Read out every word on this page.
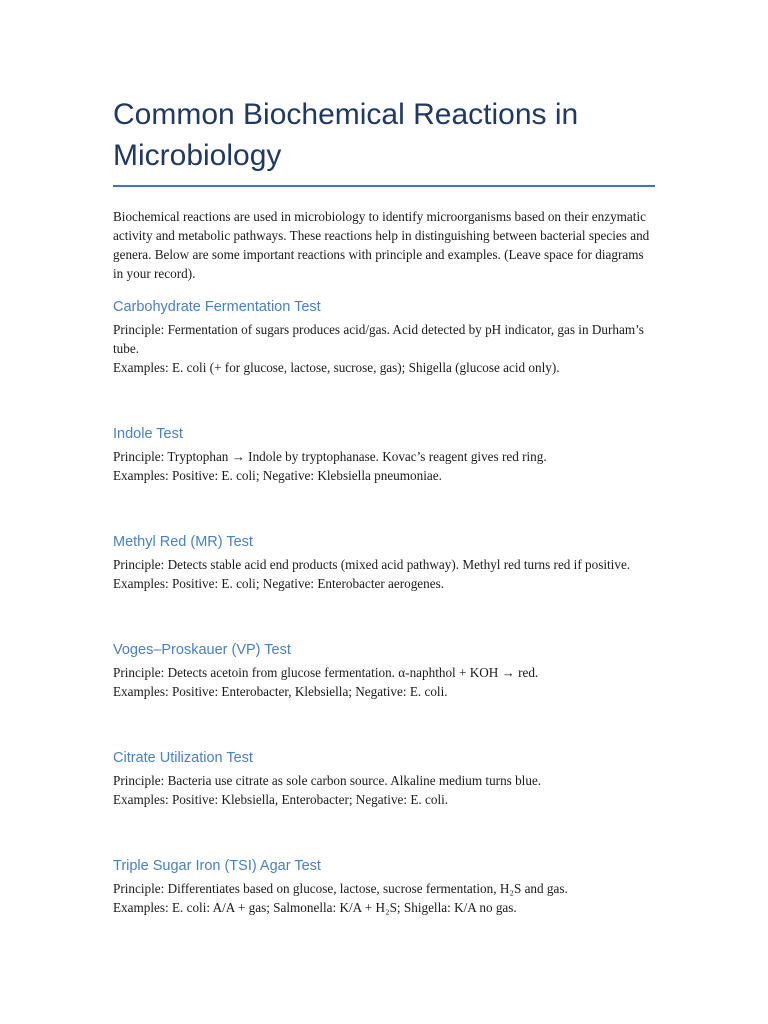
Common Biochemical Reactions in Microbiology

Biochemical reactions are used in microbiology to identify microorganisms based on their enzymatic activity and metabolic pathways. These reactions help in distinguishing between bacterial species and genera. Below are some important reactions with principle and examples. (Leave space for diagrams in your record).

Carbohydrate Fermentation Test

Principle: Fermentation of sugars produces acid/gas. Acid detected by pH indicator, gas in Durham’s tube.

Examples: E. coli (+ for glucose, lactose, sucrose, gas); Shigella (glucose acid only).

Indole Test

Principle: Tryptophan → Indole by tryptophanase. Kovac’s reagent gives red ring.

Examples: Positive: E. coli; Negative: Klebsiella pneumoniae.

Methyl Red (MR) Test

Principle: Detects stable acid end products (mixed acid pathway). Methyl red turns red if positive.

Examples: Positive: E. coli; Negative: Enterobacter aerogenes.

Voges–Proskauer (VP) Test

Principle: Detects acetoin from glucose fermentation. α-naphthol + KOH → red.

Examples: Positive: Enterobacter, Klebsiella; Negative: E. coli.

Citrate Utilization Test

Principle: Bacteria use citrate as sole carbon source. Alkaline medium turns blue.

Examples: Positive: Klebsiella, Enterobacter; Negative: E. coli.

Triple Sugar Iron (TSI) Agar Test

Principle: Differentiates based on glucose, lactose, sucrose fermentation, H₂S and gas.

Examples: E. coli: A/A + gas; Salmonella: K/A + H₂S; Shigella: K/A no gas.
